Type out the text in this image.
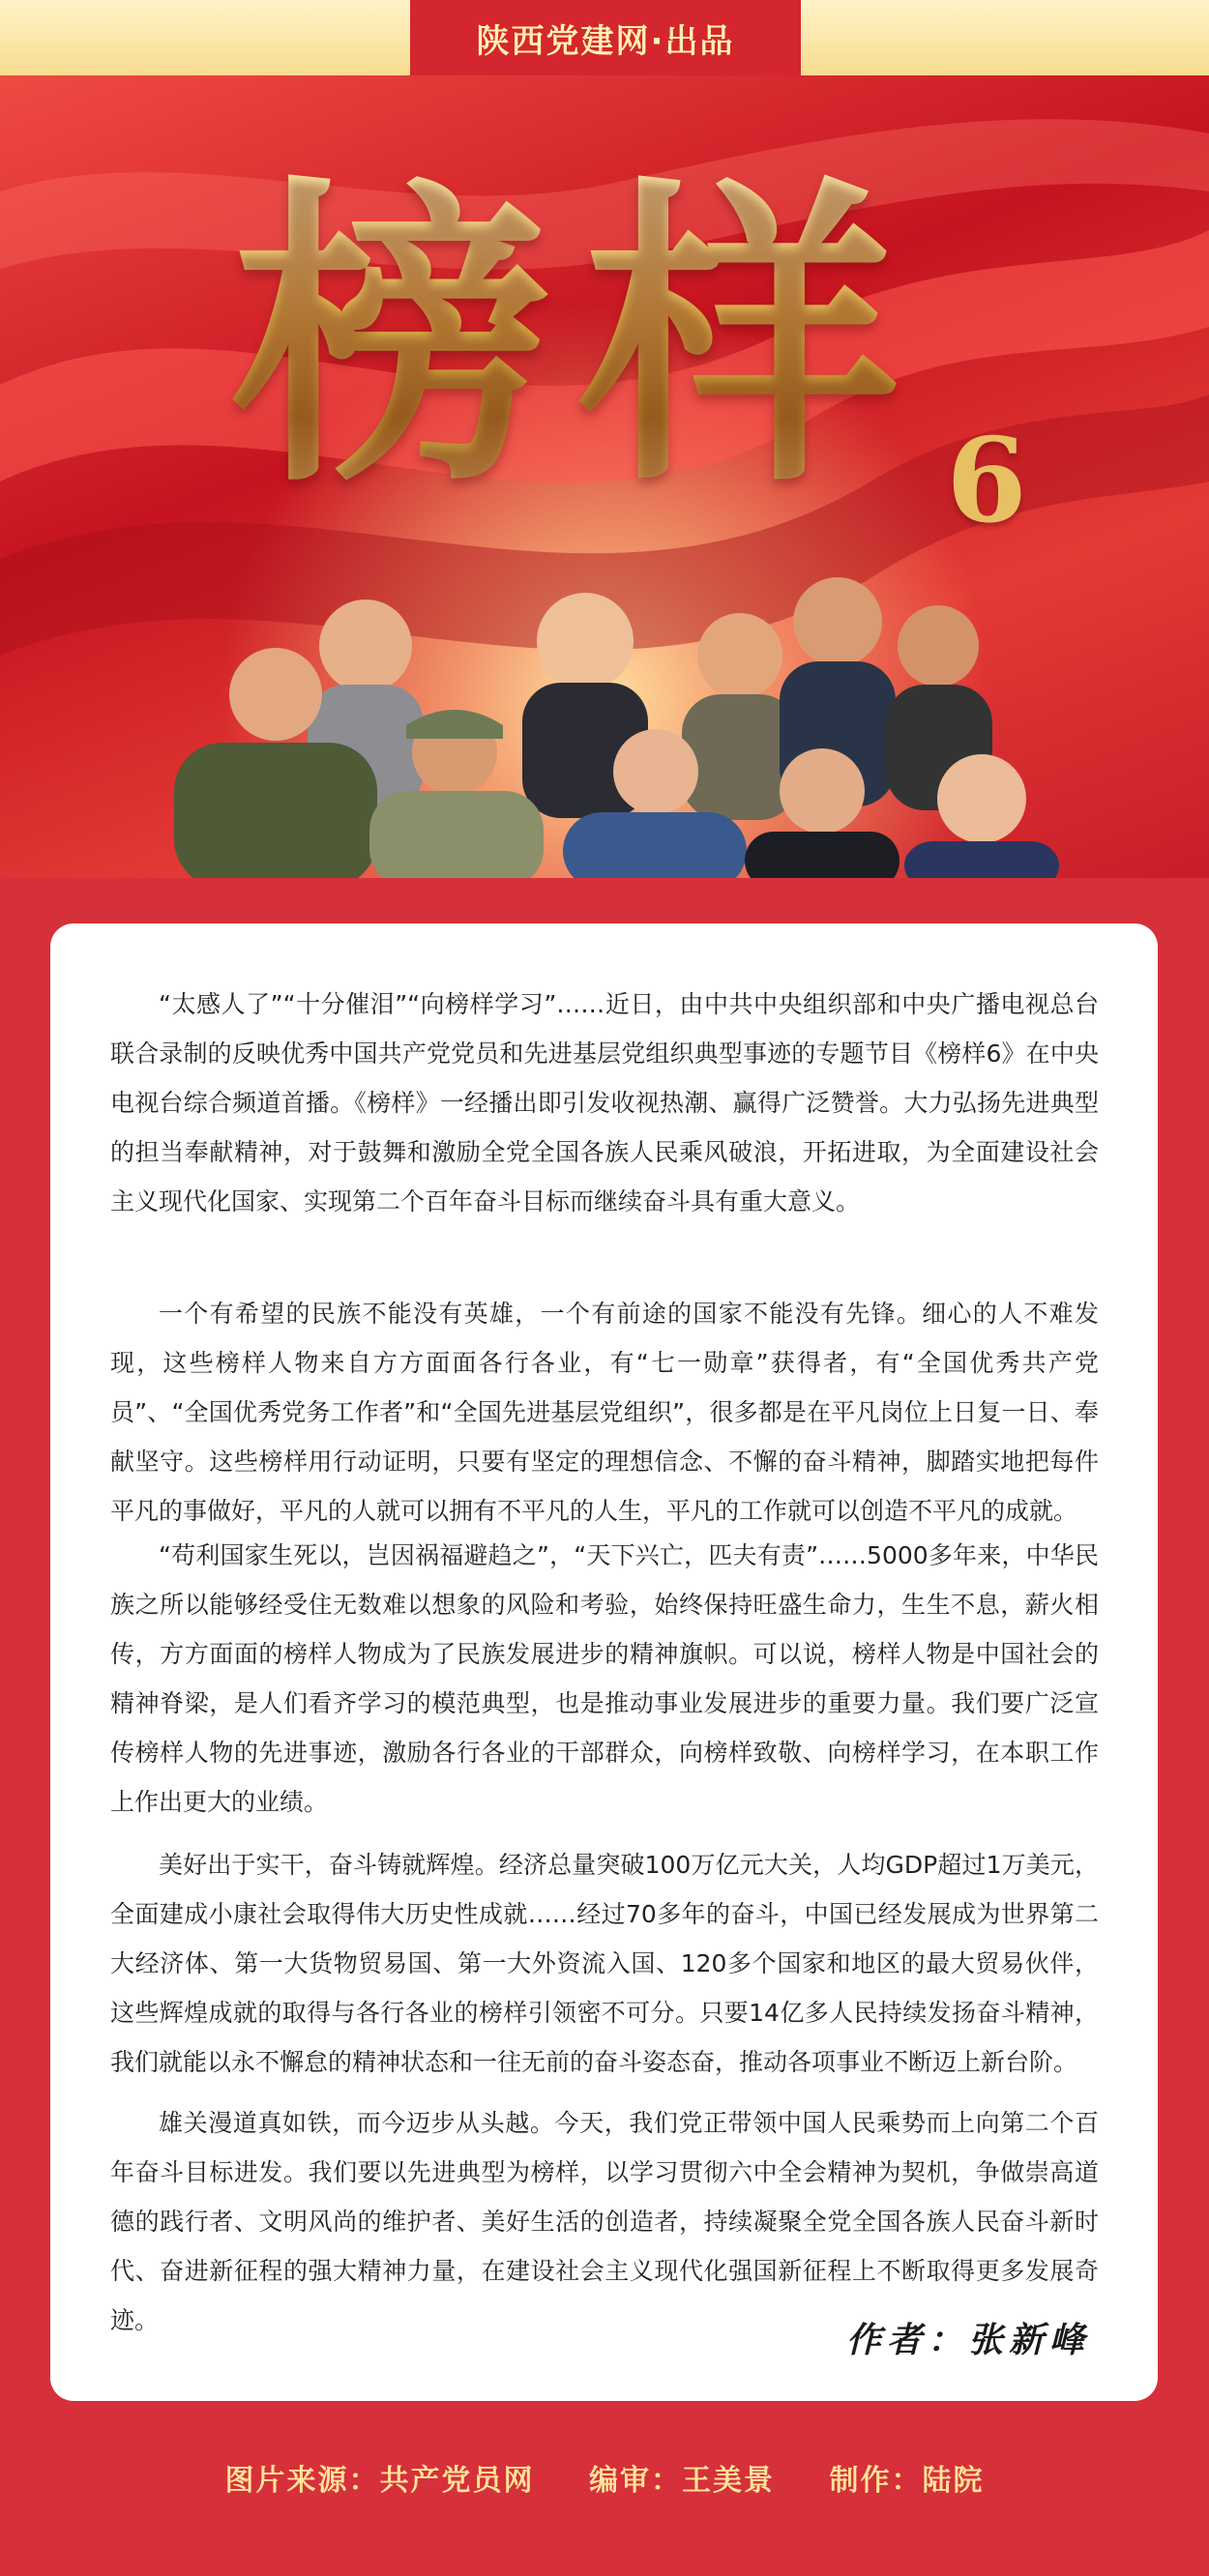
陕西党建网·出品
榜样 6

“太感人了”“十分催泪”“向榜样学习”……近日，由中共中央组织部和中央广播电视总台联合录制的反映优秀中国共产党党员和先进基层党组织典型事迹的专题节目《榜样6》在中央电视台综合频道首播。《榜样》一经播出即引发收视热潮、赢得广泛赞誉。大力弘扬先进典型的担当奉献精神，对于鼓舞和激励全党全国各族人民乘风破浪，开拓进取，为全面建设社会主义现代化国家、实现第二个百年奋斗目标而继续奋斗具有重大意义。

一个有希望的民族不能没有英雄，一个有前途的国家不能没有先锋。细心的人不难发现，这些榜样人物来自方方面面各行各业，有“七一勋章”获得者，有“全国优秀共产党员”、“全国优秀党务工作者”和“全国先进基层党组织”，很多都是在平凡岗位上日复一日、奉献坚守。这些榜样用行动证明，只要有坚定的理想信念、不懈的奋斗精神，脚踏实地把每件平凡的事做好，平凡的人就可以拥有不平凡的人生，平凡的工作就可以创造不平凡的成就。

“苟利国家生死以，岂因祸福避趋之”，“天下兴亡，匹夫有责”……5000多年来，中华民族之所以能够经受住无数难以想象的风险和考验，始终保持旺盛生命力，生生不息，薪火相传，方方面面的榜样人物成为了民族发展进步的精神旗帜。可以说，榜样人物是中国社会的精神脊梁，是人们看齐学习的模范典型，也是推动事业发展进步的重要力量。我们要广泛宣传榜样人物的先进事迹，激励各行各业的干部群众，向榜样致敬、向榜样学习，在本职工作上作出更大的业绩。

美好出于实干，奋斗铸就辉煌。经济总量突破100万亿元大关，人均GDP超过1万美元，全面建成小康社会取得伟大历史性成就……经过70多年的奋斗，中国已经发展成为世界第二大经济体、第一大货物贸易国、第一大外资流入国、120多个国家和地区的最大贸易伙伴，这些辉煌成就的取得与各行各业的榜样引领密不可分。只要14亿多人民持续发扬奋斗精神，我们就能以永不懈怠的精神状态和一往无前的奋斗姿态奋，推动各项事业不断迈上新台阶。

雄关漫道真如铁，而今迈步从头越。今天，我们党正带领中国人民乘势而上向第二个百年奋斗目标进发。我们要以先进典型为榜样，以学习贯彻六中全会精神为契机，争做崇高道德的践行者、文明风尚的维护者、美好生活的创造者，持续凝聚全党全国各族人民奋斗新时代、奋进新征程的强大精神力量，在建设社会主义现代化强国新征程上不断取得更多发展奇迹。	作者：张新峰
图片来源：共产党员网 编审：王美景 制作：陆院
